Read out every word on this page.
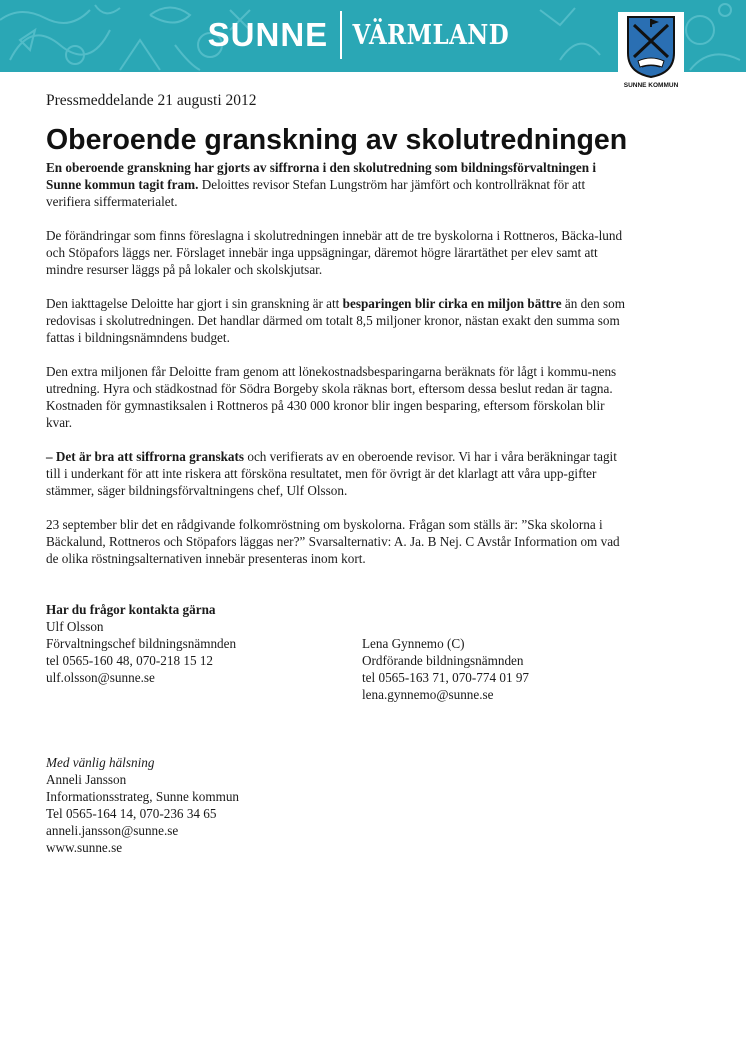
SUNNE VÄRMLAND
SUNNE KOMMUN

Pressmeddelande 21 augusti 2012

Oberoende granskning av skolutredningen

En oberoende granskning har gjorts av siffrorna i den skolutredning som bildningsförvaltningen i Sunne kommun tagit fram. Deloittes revisor Stefan Lungström har jämfört och kontrollräknat för att verifiera siffermaterialet.

De förändringar som finns föreslagna i skolutredningen innebär att de tre byskolorna i Rottneros, Bäcka-lund och Stöpafors läggs ner. Förslaget innebär inga uppsägningar, däremot högre lärartäthet per elev samt att mindre resurser läggs på på lokaler och skolskjutsar.

Den iakttagelse Deloitte har gjort i sin granskning är att besparingen blir cirka en miljon bättre än den som redovisas i skolutredningen. Det handlar därmed om totalt 8,5 miljoner kronor, nästan exakt den summa som fattas i bildningsnämndens budget.

Den extra miljonen får Deloitte fram genom att lönekostnadsbesparingarna beräknats för lågt i kommu-nens utredning. Hyra och städkostnad för Södra Borgeby skola räknas bort, eftersom dessa beslut redan är tagna. Kostnaden för gymnastiksalen i Rottneros på 430 000 kronor blir ingen besparing, eftersom förskolan blir kvar.

– Det är bra att siffrorna granskats och verifierats av en oberoende revisor. Vi har i våra beräkningar tagit till i underkant för att inte riskera att försköna resultatet, men för övrigt är det klarlagt att våra upp-gifter stämmer, säger bildningsförvaltningens chef, Ulf Olsson.

23 september blir det en rådgivande folkomröstning om byskolorna. Frågan som ställs är: ”Ska skolorna i Bäckalund, Rottneros och Stöpafors läggas ner?” Svarsalternativ: A. Ja. B Nej. C Avstår Information om vad de olika röstningsalternativen innebär presenteras inom kort.

Har du frågor kontakta gärna
Ulf Olsson
Förvaltningschef bildningsnämnden
tel 0565-160 48, 070-218 15 12
ulf.olsson@sunne.se
Lena Gynnemo (C)
Ordförande bildningsnämnden
tel 0565-163 71, 070-774 01 97
lena.gynnemo@sunne.se
Med vänlig hälsning
Anneli Jansson
Informationsstrateg, Sunne kommun
Tel 0565-164 14, 070-236 34 65
anneli.jansson@sunne.se
www.sunne.se
